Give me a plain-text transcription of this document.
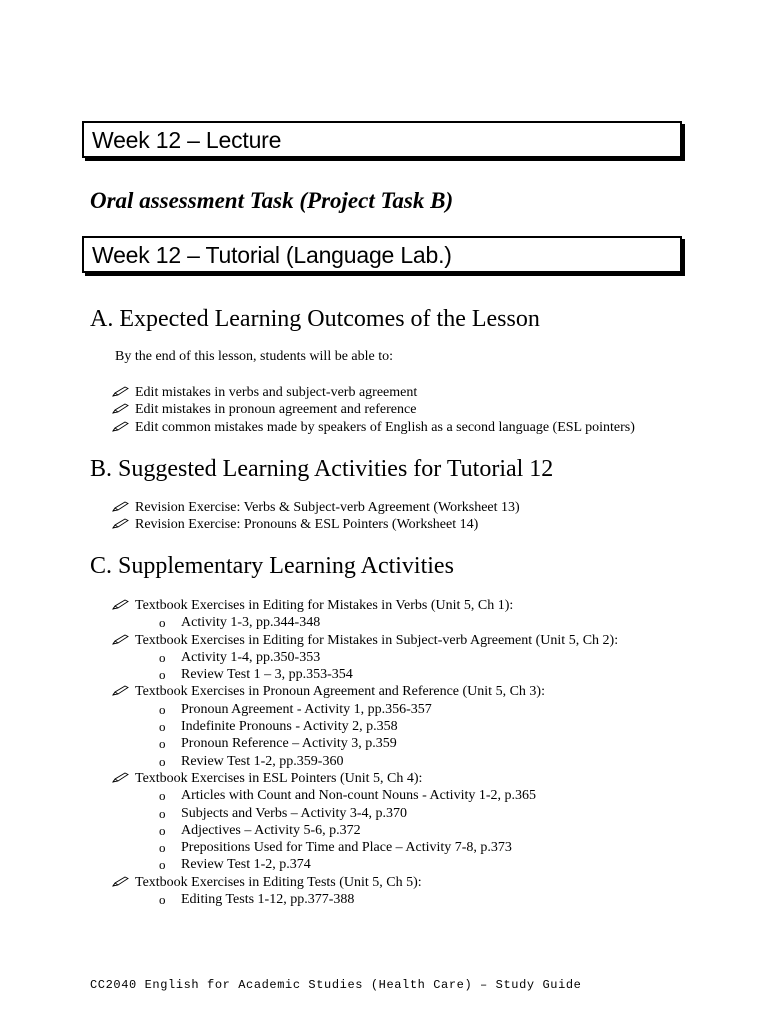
Week 12 – Lecture

Oral assessment Task (Project Task B)

Week 12 – Tutorial (Language Lab.)
A. Expected Learning Outcomes of the Lesson

By the end of this lesson, students will be able to:

Edit mistakes in verbs and subject-verb agreement
Edit mistakes in pronoun agreement and reference
Edit common mistakes made by speakers of English as a second language (ESL pointers)
B. Suggested Learning Activities for Tutorial 12
Revision Exercise: Verbs & Subject-verb Agreement (Worksheet 13)
Revision Exercise: Pronouns & ESL Pointers (Worksheet 14)
C. Supplementary Learning Activities
Textbook Exercises in Editing for Mistakes in Verbs (Unit 5, Ch 1):
o Activity 1-3, pp.344-348
Textbook Exercises in Editing for Mistakes in Subject-verb Agreement (Unit 5, Ch 2):
o Activity 1-4, pp.350-353
o Review Test 1 – 3, pp.353-354
Textbook Exercises in Pronoun Agreement and Reference (Unit 5, Ch 3):
o Pronoun Agreement - Activity 1, pp.356-357
o Indefinite Pronouns - Activity 2, p.358
o Pronoun Reference – Activity 3, p.359
o Review Test 1-2, pp.359-360
Textbook Exercises in ESL Pointers (Unit 5, Ch 4):
o Articles with Count and Non-count Nouns - Activity 1-2, p.365
o Subjects and Verbs – Activity 3-4, p.370
o Adjectives – Activity 5-6, p.372
o Prepositions Used for Time and Place – Activity 7-8, p.373
o Review Test 1-2, p.374
Textbook Exercises in Editing Tests (Unit 5, Ch 5):
o Editing Tests 1-12, pp.377-388
CC2040 English for Academic Studies (Health Care) – Study Guide
